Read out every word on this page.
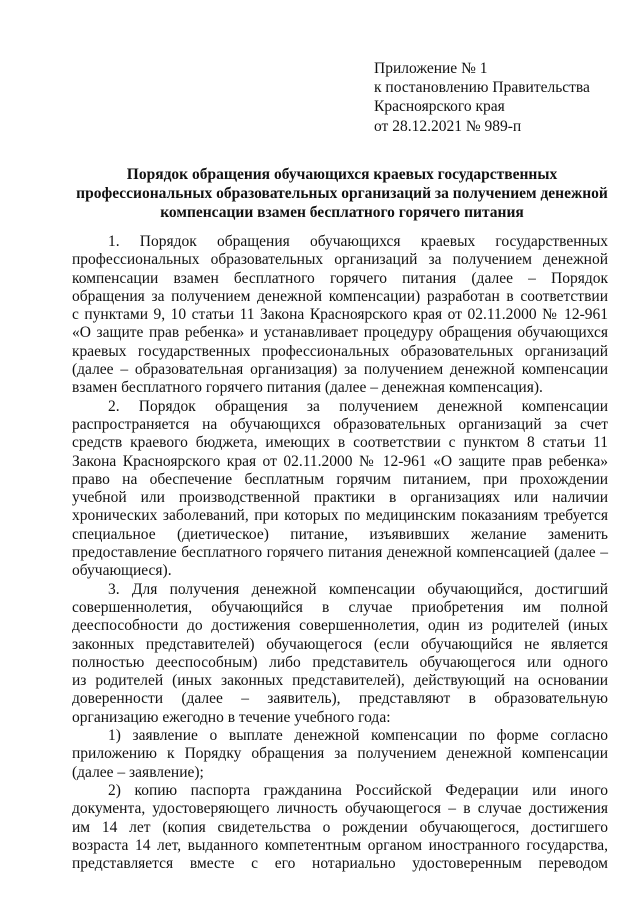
Приложение № 1
к постановлению Правительства
Красноярского края
от 28.12.2021 № 989-п
Порядок обращения обучающихся краевых государственных
профессиональных образовательных организаций за получением денежной
компенсации взамен бесплатного горячего питания
1. Порядок обращения обучающихся краевых государственных
профессиональных образовательных организаций за получением денежной
компенсации взамен бесплатного горячего питания (далее – Порядок
обращения за получением денежной компенсации) разработан в соответствии
с пунктами 9, 10 статьи 11 Закона Красноярского края от 02.11.2000 № 12-961
«О защите прав ребенка» и устанавливает процедуру обращения обучающихся
краевых государственных профессиональных образовательных организаций
(далее – образовательная организация) за получением денежной компенсации
взамен бесплатного горячего питания (далее – денежная компенсация).
2. Порядок обращения за получением денежной компенсации
распространяется на обучающихся образовательных организаций за счет
средств краевого бюджета, имеющих в соответствии с пунктом 8 статьи 11
Закона Красноярского края от 02.11.2000 № 12-961 «О защите прав ребенка»
право на обеспечение бесплатным горячим питанием, при прохождении
учебной или производственной практики в организациях или наличии
хронических заболеваний, при которых по медицинским показаниям требуется
специальное (диетическое) питание, изъявивших желание заменить
предоставление бесплатного горячего питания денежной компенсацией (далее –
обучающиеся).
3. Для получения денежной компенсации обучающийся, достигший
совершеннолетия, обучающийся в случае приобретения им полной
дееспособности до достижения совершеннолетия, один из родителей (иных
законных представителей) обучающегося (если обучающийся не является
полностью дееспособным) либо представитель обучающегося или одного
из родителей (иных законных представителей), действующий на основании
доверенности (далее – заявитель), представляют в образовательную
организацию ежегодно в течение учебного года:
1) заявление о выплате денежной компенсации по форме согласно
приложению к Порядку обращения за получением денежной компенсации
(далее – заявление);
2) копию паспорта гражданина Российской Федерации или иного
документа, удостоверяющего личность обучающегося – в случае достижения
им 14 лет (копия свидетельства о рождении обучающегося, достигшего
возраста 14 лет, выданного компетентным органом иностранного государства,
представляется вместе с его нотариально удостоверенным переводом
